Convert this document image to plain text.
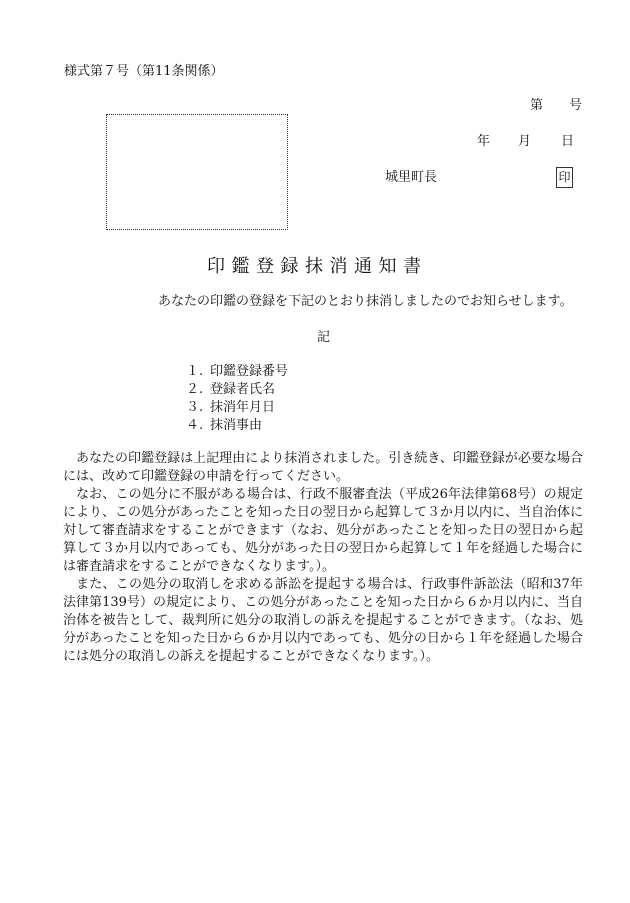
様式第７号（第11条関係）
第 号
年 月 日
城里町長	印
印鑑登録抹消通知書
あなたの印鑑の登録を下記のとおり抹消しましたのでお知らせします。
記
１. 印鑑登録番号
２. 登録者氏名
３. 抹消年月日
４. 抹消事由

あなたの印鑑登録は上記理由により抹消されました。引き続き、印鑑登録が必要な場合には、改めて印鑑登録の申請を行ってください。

なお、この処分に不服がある場合は、行政不服審査法（平成26年法律第68号）の規定により、この処分があったことを知った日の翌日から起算して３か月以内に、当自治体に対して審査請求をすることができます（なお、処分があったことを知った日の翌日から起算して３か月以内であっても、処分があった日の翌日から起算して１年を経過した場合には審査請求をすることができなくなります。）。

また、この処分の取消しを求める訴訟を提起する場合は、行政事件訴訟法（昭和37年法律第139号）の規定により、この処分があったことを知った日から６か月以内に、当自治体を被告として、裁判所に処分の取消しの訴えを提起することができます。（なお、処分があったことを知った日から６か月以内であっても、処分の日から１年を経過した場合には処分の取消しの訴えを提起することができなくなります。）。
